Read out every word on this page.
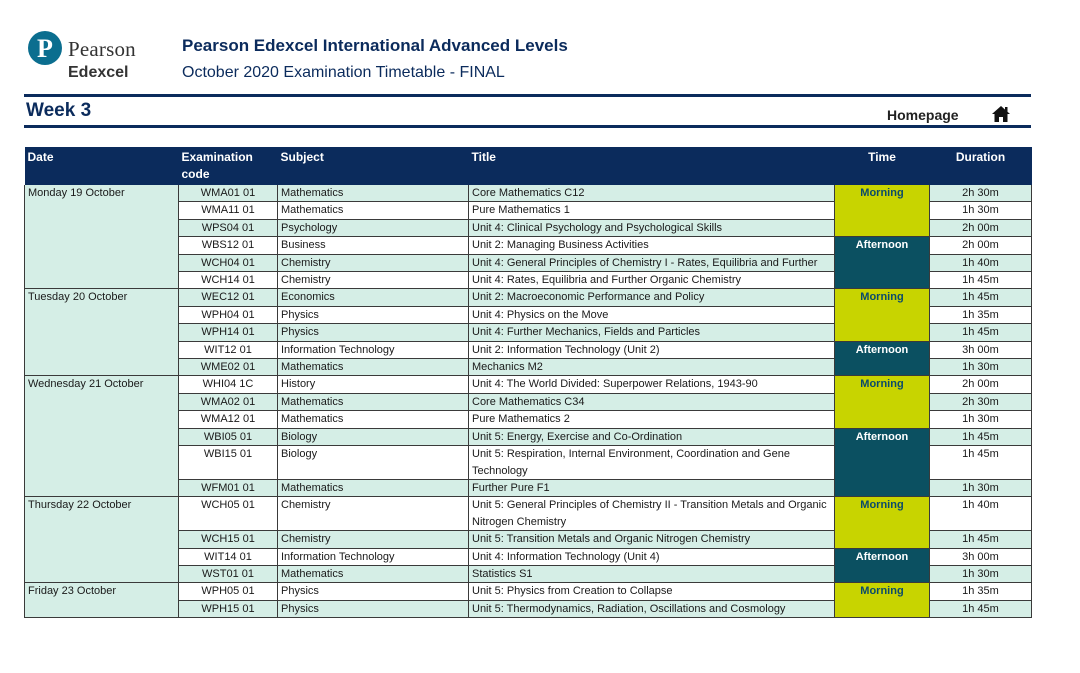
P Pearson
Edexcel
Pearson Edexcel International Advanced Levels
October 2020 Examination Timetable - FINAL
Week 3	Homepage
Date	Examination code	Subject	Title	Time	Duration
Monday 19 October	WMA01 01	Mathematics	Core Mathematics C12	Morning	2h 30m
	WMA11 01	Mathematics	Pure Mathematics 1		1h 30m
	WPS04 01	Psychology	Unit 4: Clinical Psychology and Psychological Skills		2h 00m
	WBS12 01	Business	Unit 2: Managing Business Activities	Afternoon	2h 00m
	WCH04 01	Chemistry	Unit 4: General Principles of Chemistry I - Rates, Equilibria and Further		1h 40m
	WCH14 01	Chemistry	Unit 4: Rates, Equilibria and Further Organic Chemistry		1h 45m
Tuesday 20 October	WEC12 01	Economics	Unit 2: Macroeconomic Performance and Policy	Morning	1h 45m
	WPH04 01	Physics	Unit 4: Physics on the Move		1h 35m
	WPH14 01	Physics	Unit 4: Further Mechanics, Fields and Particles		1h 45m
	WIT12 01	Information Technology	Unit 2: Information Technology (Unit 2)	Afternoon	3h 00m
	WME02 01	Mathematics	Mechanics M2		1h 30m
Wednesday 21 October	WHI04 1C	History	Unit 4: The World Divided: Superpower Relations, 1943-90	Morning	2h 00m
	WMA02 01	Mathematics	Core Mathematics C34		2h 30m
	WMA12 01	Mathematics	Pure Mathematics 2		1h 30m
	WBI05 01	Biology	Unit 5: Energy, Exercise and Co-Ordination	Afternoon	1h 45m
	WBI15 01	Biology	Unit 5: Respiration, Internal Environment, Coordination and Gene Technology		1h 45m
	WFM01 01	Mathematics	Further Pure F1		1h 30m
Thursday 22 October	WCH05 01	Chemistry	Unit 5: General Principles of Chemistry II - Transition Metals and Organic Nitrogen Chemistry	Morning	1h 40m
	WCH15 01	Chemistry	Unit 5: Transition Metals and Organic Nitrogen Chemistry		1h 45m
	WIT14 01	Information Technology	Unit 4: Information Technology (Unit 4)	Afternoon	3h 00m
	WST01 01	Mathematics	Statistics S1		1h 30m
Friday 23 October	WPH05 01	Physics	Unit 5: Physics from Creation to Collapse	Morning	1h 35m
	WPH15 01	Physics	Unit 5: Thermodynamics, Radiation, Oscillations and Cosmology		1h 45m
